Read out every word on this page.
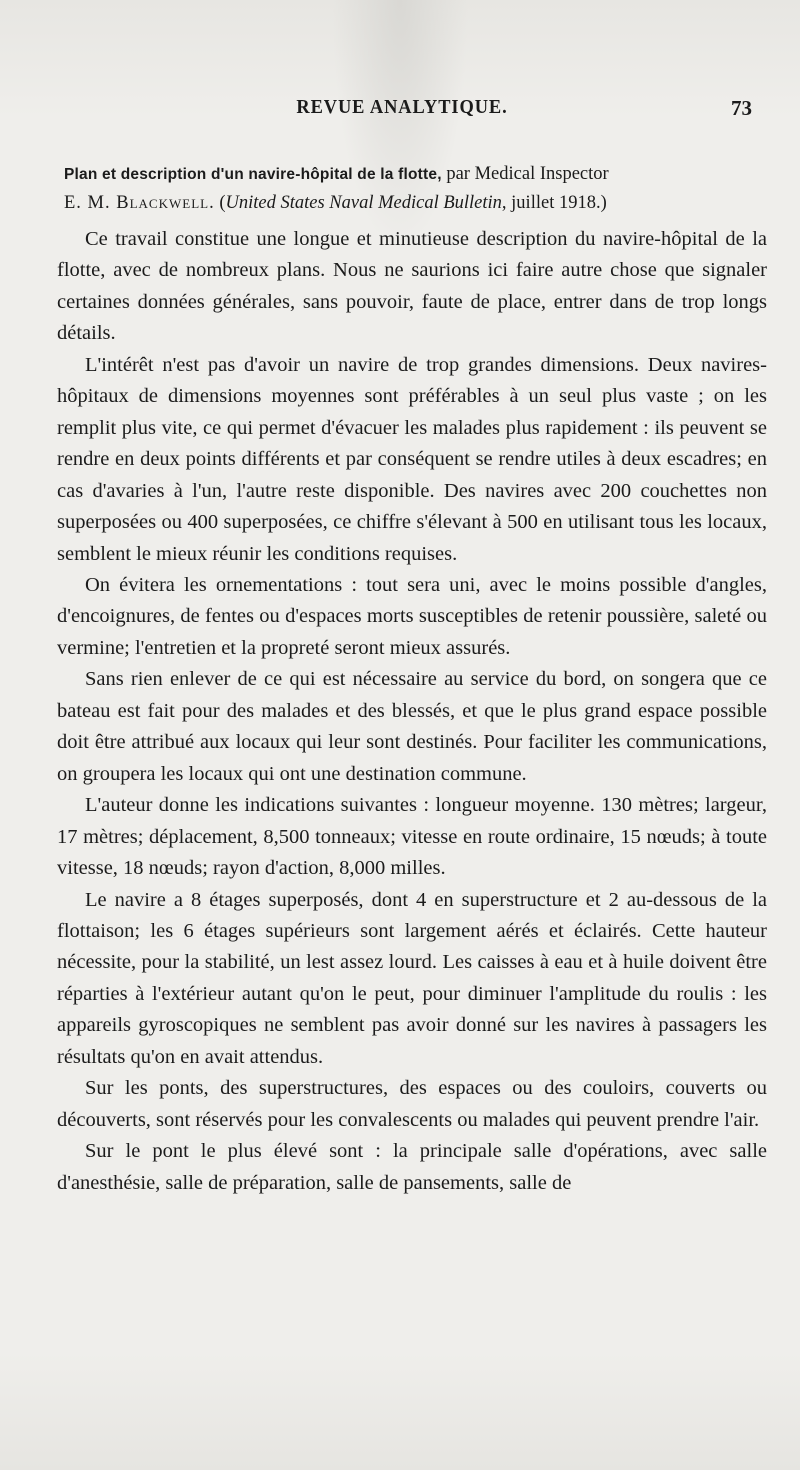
REVUE ANALYTIQUE.	73
Plan et description d'un navire-hôpital de la flotte, par Medical Inspector
E. M. Blackwell. (United States Naval Medical Bulletin, juillet 1918.)

Ce travail constitue une longue et minutieuse description du navire-hôpital de la flotte, avec de nombreux plans. Nous ne saurions ici faire autre chose que signaler certaines données générales, sans pouvoir, faute de place, entrer dans de trop longs détails.

L'intérêt n'est pas d'avoir un navire de trop grandes dimensions. Deux navires-hôpitaux de dimensions moyennes sont préférables à un seul plus vaste ; on les remplit plus vite, ce qui permet d'évacuer les malades plus rapidement : ils peuvent se rendre en deux points différents et par conséquent se rendre utiles à deux escadres; en cas d'avaries à l'un, l'autre reste disponible. Des navires avec 200 couchettes non superposées ou 400 superposées, ce chiffre s'élevant à 500 en utilisant tous les locaux, semblent le mieux réunir les conditions requises.

On évitera les ornementations : tout sera uni, avec le moins possible d'angles, d'encoignures, de fentes ou d'espaces morts susceptibles de retenir poussière, saleté ou vermine; l'entretien et la propreté seront mieux assurés.

Sans rien enlever de ce qui est nécessaire au service du bord, on songera que ce bateau est fait pour des malades et des blessés, et que le plus grand espace possible doit être attribué aux locaux qui leur sont destinés. Pour faciliter les communications, on groupera les locaux qui ont une destination commune.

L'auteur donne les indications suivantes : longueur moyenne. 130 mètres; largeur, 17 mètres; déplacement, 8,500 tonneaux; vitesse en route ordinaire, 15 nœuds; à toute vitesse, 18 nœuds; rayon d'action, 8,000 milles.

Le navire a 8 étages superposés, dont 4 en superstructure et 2 au-dessous de la flottaison; les 6 étages supérieurs sont largement aérés et éclairés. Cette hauteur nécessite, pour la stabilité, un lest assez lourd. Les caisses à eau et à huile doivent être réparties à l'extérieur autant qu'on le peut, pour diminuer l'amplitude du roulis : les appareils gyroscopiques ne semblent pas avoir donné sur les navires à passagers les résultats qu'on en avait attendus.

Sur les ponts, des superstructures, des espaces ou des couloirs, couverts ou découverts, sont réservés pour les convalescents ou malades qui peuvent prendre l'air.

Sur le pont le plus élevé sont : la principale salle d'opérations, avec salle d'anesthésie, salle de préparation, salle de pansements, salle de
